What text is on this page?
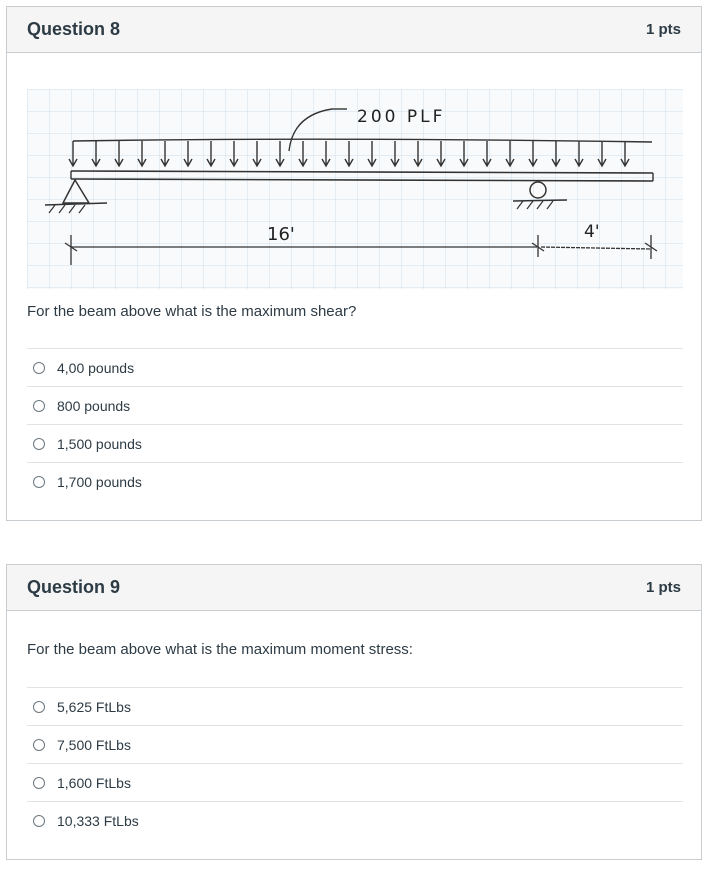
Question 8	1 pts
200 PLF
16'	4'
For the beam above what is the maximum shear?
4,00 pounds
800 pounds
1,500 pounds
1,700 pounds
Question 9	1 pts
For the beam above what is the maximum moment stress:
5,625 FtLbs
7,500 FtLbs
1,600 FtLbs
10,333 FtLbs
